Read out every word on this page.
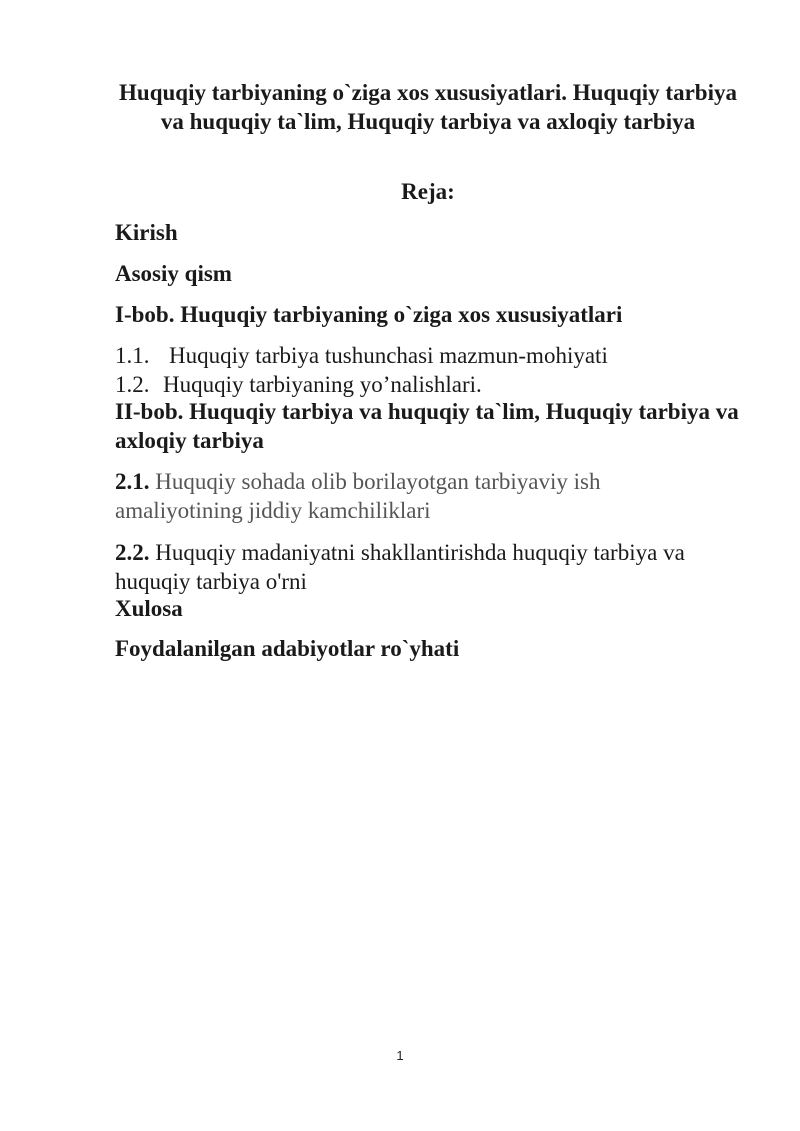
Huquqiy tarbiyaning o`ziga xos xususiyatlari. Huquqiy tarbiya va huquqiy ta`lim, Huquqiy tarbiya va axloqiy tarbiya

Reja:

Kirish

Asosiy qism

I-bob. Huquqiy tarbiyaning o`ziga xos xususiyatlari

1.1. Huquqiy tarbiya tushunchasi mazmun-mohiyati

1.2. Huquqiy tarbiyaning yo’nalishlari.

II-bob. Huquqiy tarbiya va huquqiy ta`lim, Huquqiy tarbiya va axloqiy tarbiya

2.1. Huquqiy sohada olib borilayotgan tarbiyaviy ish amaliyotining jiddiy kamchiliklari

2.2. Huquqiy madaniyatni shakllantirishda huquqiy tarbiya va huquqiy tarbiya o'rni

Xulosa

Foydalanilgan adabiyotlar ro`yhati

1
